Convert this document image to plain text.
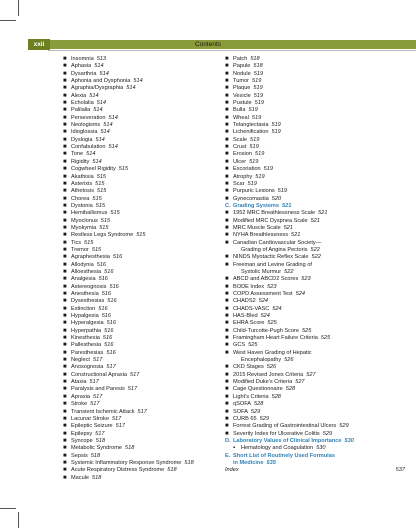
xxii	Contents
■ Insomnia 513
■ Aphasia 514
■ Dysarthria 514
■ Aphonia and Dysphonia 514
■ Agraphia/Dysgraphia 514
■ Alexia 514
■ Echolalia 514
■ Palilalia 514
■ Perseveration 514
■ Neologisms 514
■ Idioglossia 514
■ Dyslogia 514
■ Confabulation 514
■ Tone 514
■ Rigidity 514
■ Cogwheel Rigidity 515
■ Akathisia 515
■ Asterixis 515
■ Athetosis 515
■ Chorea 515
■ Dystonia 515
■ Hemiballismus 515
■ Myoclonus 515
■ Myokymia 515
■ Restless Legs Syndrome 515
■ Tics 515
■ Tremor 515
■ Agraphesthesia 516
■ Allodynia 516
■ Alloesthesia 516
■ Analgesia 516
■ Astereognosis 516
■ Anesthesia 516
■ Dysesthesias 516
■ Extinction 516
■ Hypalgesia 516
■ Hyperalgesia 516
■ Hyperpathia 516
■ Kinesthesia 516
■ Pallesthesia 516
■ Paresthesias 516
■ Neglect 517
■ Anosognosia 517
■ Constructional Apraxia 517
■ Ataxia 517
■ Paralysis and Paresis 517
■ Apraxia 517
■ Stroke 517
■ Transient Ischemic Attack 517
■ Lacunar Stroke 517
■ Epileptic Seizure 517
■ Epilepsy 517
■ Syncope 518
■ Metabolic Syndrome 518
■ Sepsis 518
■ Systemic Inflammatory Response Syndrome 518
■ Acute Respiratory Distress Syndrome 518
■ Macule 518
■ Patch 518
■ Papule 518
■ Nodule 519
■ Tumor 519
■ Plaque 519
■ Vesicle 519
■ Pustule 519
■ Bulla 519
■ Wheal 519
■ Telangiectasia 519
■ Lichenification 519
■ Scale 519
■ Crust 519
■ Erosion 519
■ Ulcer 519
■ Excoriation 519
■ Atrophy 519
■ Scar 519
■ Purpuric Lesions 519
■ Gynecomastia 520
C. Grading Systems 521
■ 1952 MRC Breathlessness Scale 521
■ Modified MRC Dyspnea Scale 521
■ MRC Muscle Scale 521
■ NYHA Breathlessness 521
■ Canadian Cardiovascular Society—
Grading of Angina Pectoris 522
■ NINDS Myotactic Reflex Scale 522
■ Freeman and Levine Grading of
Systolic Murmur 522
■ ABCD and ABCD2 Scores 523
■ BODE Index 523
■ COPD Assessment Test 524
■ CHADS2 524
■ CHADS-VASC 524
■ HAS-Bled 524
■ EHRA Score 525
■ Child-Turcotte-Pugh Score 525
■ Framingham Heart Failure Criteria 525
■ GCS 525
■ West Haven Grading of Hepatic
Encephalopathy 526
■ CKD Stages 526
■ 2015 Revised Jones Criteria 527
■ Modified Duke's Criteria 527
■ Cage Questionnaire 528
■ Light's Criteria 528
■ qSOFA 528
■ SOFA 529
■ CURB 65 529
■ Forrest Grading of Gastrointestinal Ulcers 529
■ Severity Index for Ulcerative Colitis 529
D. Laboratory Values of Clinical Importance 530
▪ Hematology and Coagulation 530
E. Short List of Routinely Used Formulas
in Medicine 535
Index	537
